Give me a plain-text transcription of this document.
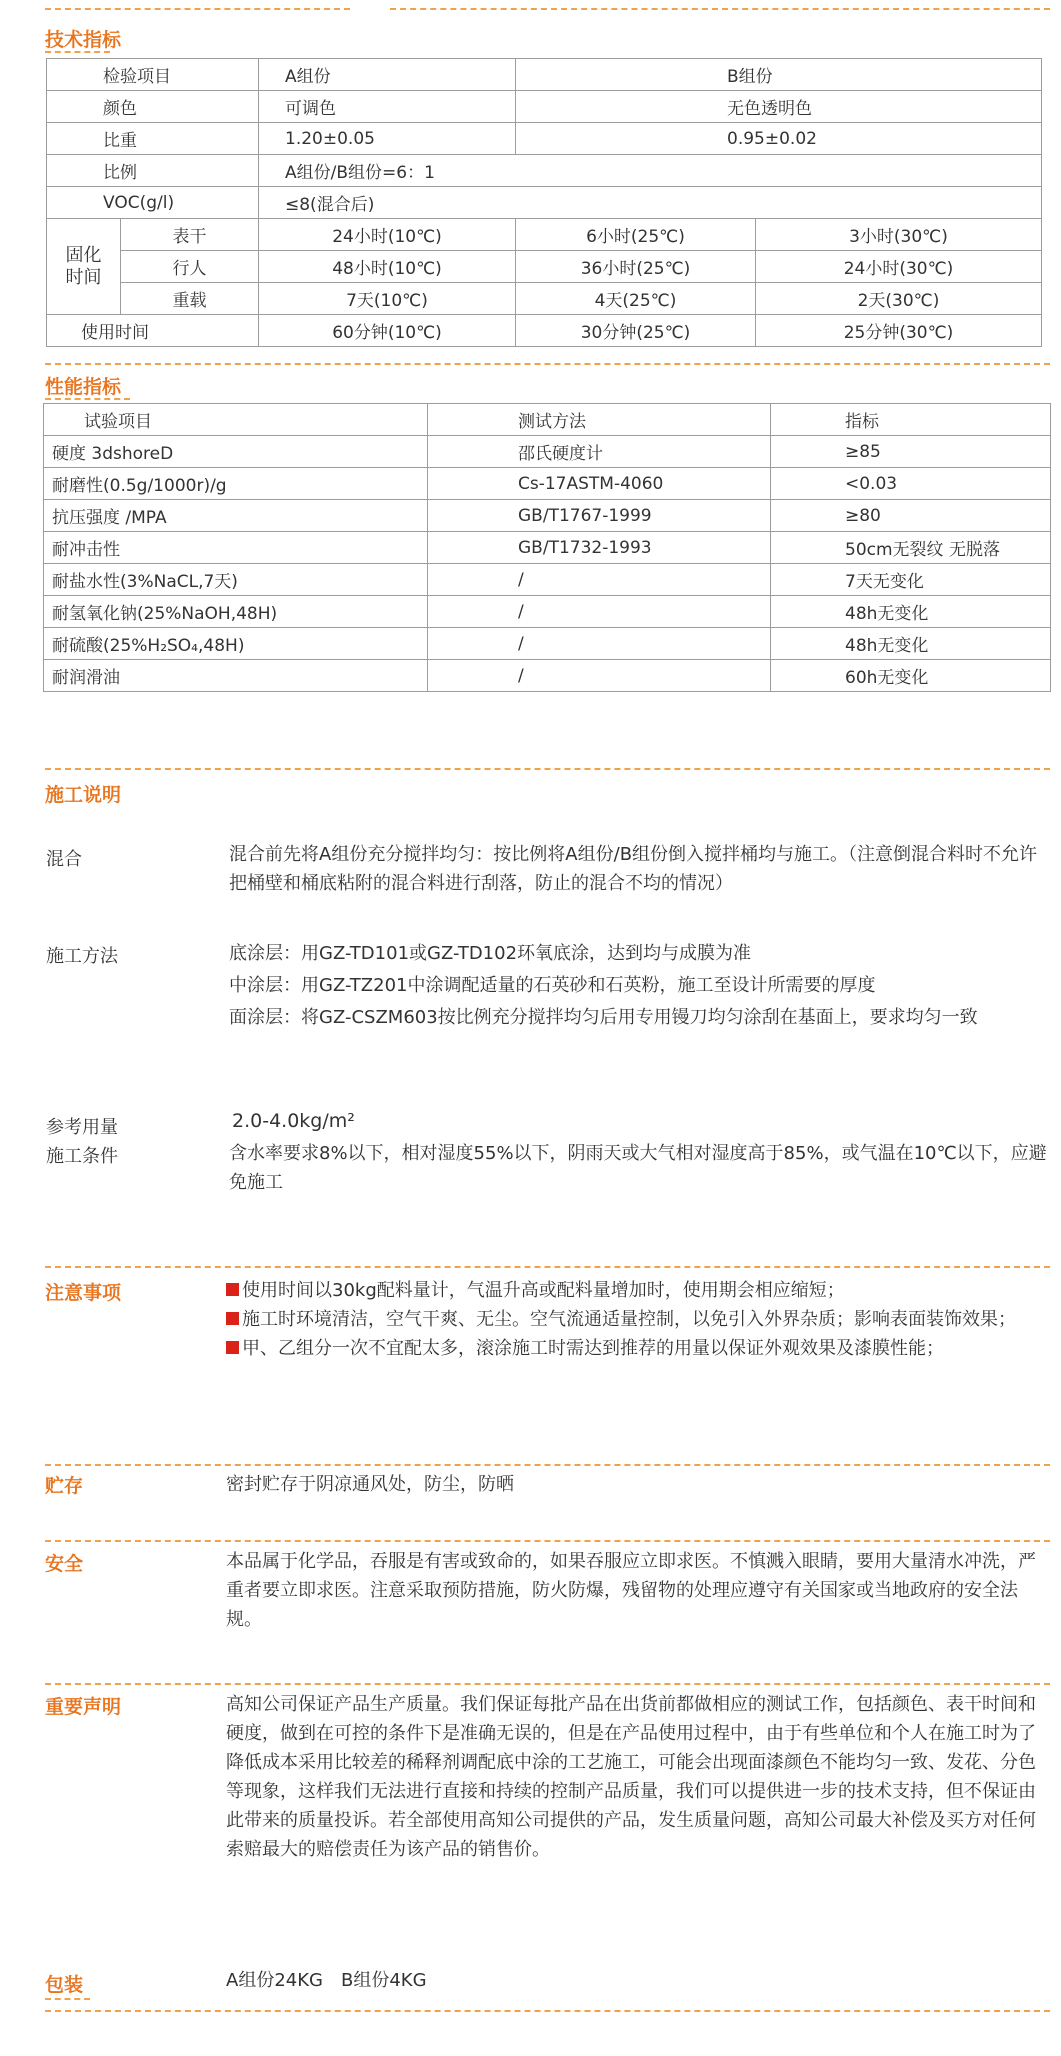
技术指标
检验项目		A组份	B组份	
颜色		可调色	无色透明色	
比重		1.20±0.05	0.95±0.02	
比例		A组份/B组份=6：1		
VOC(g/l)		≤8(混合后)		
固化时间	表干	24小时(10℃)	6小时(25℃)	3小时(30℃)
	行人	48小时(10℃)	36小时(25℃)	24小时(30℃)
	重载	7天(10℃)	4天(25℃)	2天(30℃)
使用时间		60分钟(10℃)	30分钟(25℃)	25分钟(30℃)
性能指标
试验项目	测试方法	指标
硬度 3dshoreD	邵氏硬度计	≥85
耐磨性(0.5g/1000r)/g	Cs-17ASTM-4060	<0.03
抗压强度 /MPA	GB/T1767-1999	≥80
耐冲击性	GB/T1732-1993	50cm无裂纹 无脱落
耐盐水性(3%NaCL,7天)	/	7天无变化
耐氢氧化钠(25%NaOH,48H)	/	48h无变化
耐硫酸(25%H₂SO₄,48H)	/	48h无变化
耐润滑油	/	60h无变化
施工说明
混合	混合前先将A组份充分搅拌均匀：按比例将A组份/B组份倒入搅拌桶均与施工。（注意倒混合料时不允许把桶壁和桶底粘附的混合料进行刮落，防止的混合不均的情况）
施工方法	底涂层：用GZ-TD101或GZ-TD102环氧底涂，达到均与成膜为准
中涂层：用GZ-TZ201中涂调配适量的石英砂和石英粉，施工至设计所需要的厚度
面涂层：将GZ-CSZM603按比例充分搅拌均匀后用专用镘刀均匀涂刮在基面上，要求均匀一致
参考用量	2.0-4.0kg/m²
施工条件	含水率要求8%以下，相对湿度55%以下，阴雨天或大气相对湿度高于85%，或气温在10℃以下，应避免施工
注意事项	使用时间以30kg配料量计，气温升高或配料量增加时，使用期会相应缩短；
施工时环境清洁，空气干爽、无尘。空气流通适量控制，以免引入外界杂质；影响表面装饰效果；
甲、乙组分一次不宜配太多，滚涂施工时需达到推荐的用量以保证外观效果及漆膜性能；
贮存	密封贮存于阴凉通风处，防尘，防晒
安全	本品属于化学品，吞服是有害或致命的，如果吞服应立即求医。不慎溅入眼睛，要用大量清水冲洗，严重者要立即求医。注意采取预防措施，防火防爆，残留物的处理应遵守有关国家或当地政府的安全法规。
重要声明	高知公司保证产品生产质量。我们保证每批产品在出货前都做相应的测试工作，包括颜色、表干时间和硬度，做到在可控的条件下是准确无误的，但是在产品使用过程中，由于有些单位和个人在施工时为了降低成本采用比较差的稀释剂调配底中涂的工艺施工，可能会出现面漆颜色不能均匀一致、发花、分色等现象，这样我们无法进行直接和持续的控制产品质量，我们可以提供进一步的技术支持，但不保证由此带来的质量投诉。若全部使用高知公司提供的产品，发生质量问题，高知公司最大补偿及买方对任何索赔最大的赔偿责任为该产品的销售价。
包装	A组份24KG　B组份4KG
